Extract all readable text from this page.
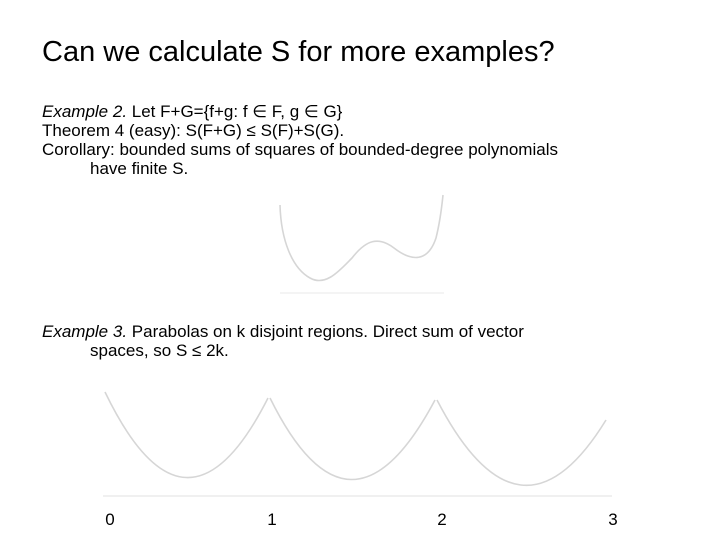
Can we calculate S for more examples?
Example 2. Let F+G={f+g: f ∈ F, g ∈ G}
Theorem 4 (easy): S(F+G) ≤ S(F)+S(G).
Corollary: bounded sums of squares of bounded-degree polynomials
have finite S.
Example 3. Parabolas on k disjoint regions. Direct sum of vector
spaces, so S ≤ 2k.
0	1	2	3
